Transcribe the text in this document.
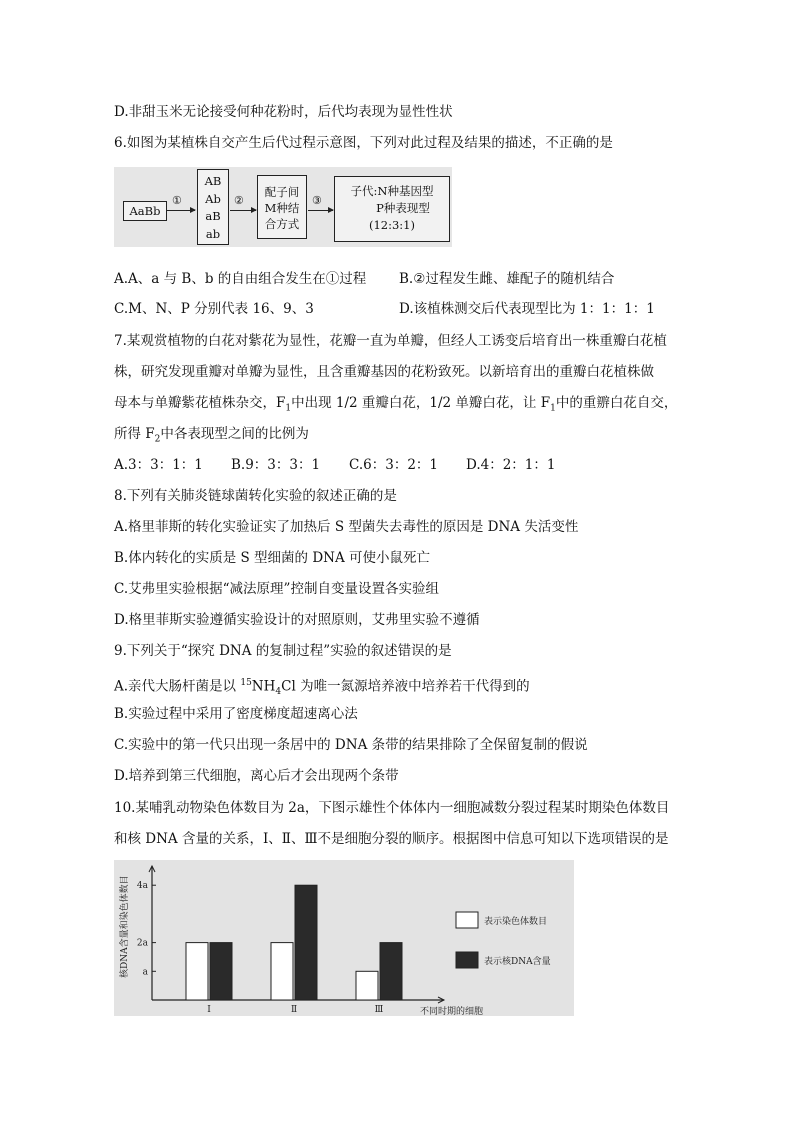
D.非甜玉米无论接受何种花粉时，后代均表现为显性性状
6.如图为某植株自交产生后代过程示意图，下列对此过程及结果的描述，不正确的是
AaBb
①
AB
Ab
aB
ab
②
配子间
M种结
合方式
③
子代:N种基因型
P种表现型
(12:3:1)
A.A、a 与 B、b 的自由组合发生在①过程 B.②过程发生雌、雄配子的随机结合
C.M、N、P 分别代表 16、9、3	D.该植株测交后代表现型比为 1：1：1：1
7.某观赏植物的白花对紫花为显性，花瓣一直为单瓣，但经人工诱变后培育出一株重瓣白花植
株，研究发现重瓣对单瓣为显性，且含重瓣基因的花粉致死。以新培育出的重瓣白花植株做
母本与单瓣紫花植株杂交，$F_1$中出现 1/2 重瓣白花，1/2 单瓣白花，让 $F_1$中的重辧白花自交，
所得 $F_2$中各表现型之间的比例为
A.3：3：1：1 B.9：3：3：1 C.6：3：2：1 D.4：2：1：1
8.下列有关肺炎链球菌转化实验的叙述正确的是
A.格里菲斯的转化实验证实了加热后 S 型菌失去毒性的原因是 DNA 失活变性
B.体内转化的实质是 S 型细菌的 DNA 可使小鼠死亡
C.艾弗里实验根据“减法原理”控制自变量设置各实验组
D.格里菲斯实验遵循实验设计的对照原则，艾弗里实验不遵循
9.下列关于“探究 DNA 的复制过程”实验的叙述错误的是
A.亲代大肠杆菌是以 $^{15}NH_4Cl$ 为唯一氮源培养液中培养若干代得到的
B.实验过程中采用了密度梯度超速离心法
C.实验中的第一代只出现一条居中的 DNA 条带的结果排除了全保留复制的假说
D.培养到第三代细胞，离心后才会出现两个条带
10.某哺乳动物染色体数目为 2a，下图示雄性个体体内一细胞减数分裂过程某时期染色体数目
和核 DNA 含量的关系，Ⅰ、Ⅱ、Ⅲ不是细胞分裂的顺序。根据图中信息可知以下选项错误的是
a
2a
4a
核DNA含量和染色体数目
Ⅰ	Ⅱ	Ⅲ	不同时期的细胞
表示染色体数目
表示核DNA含量
